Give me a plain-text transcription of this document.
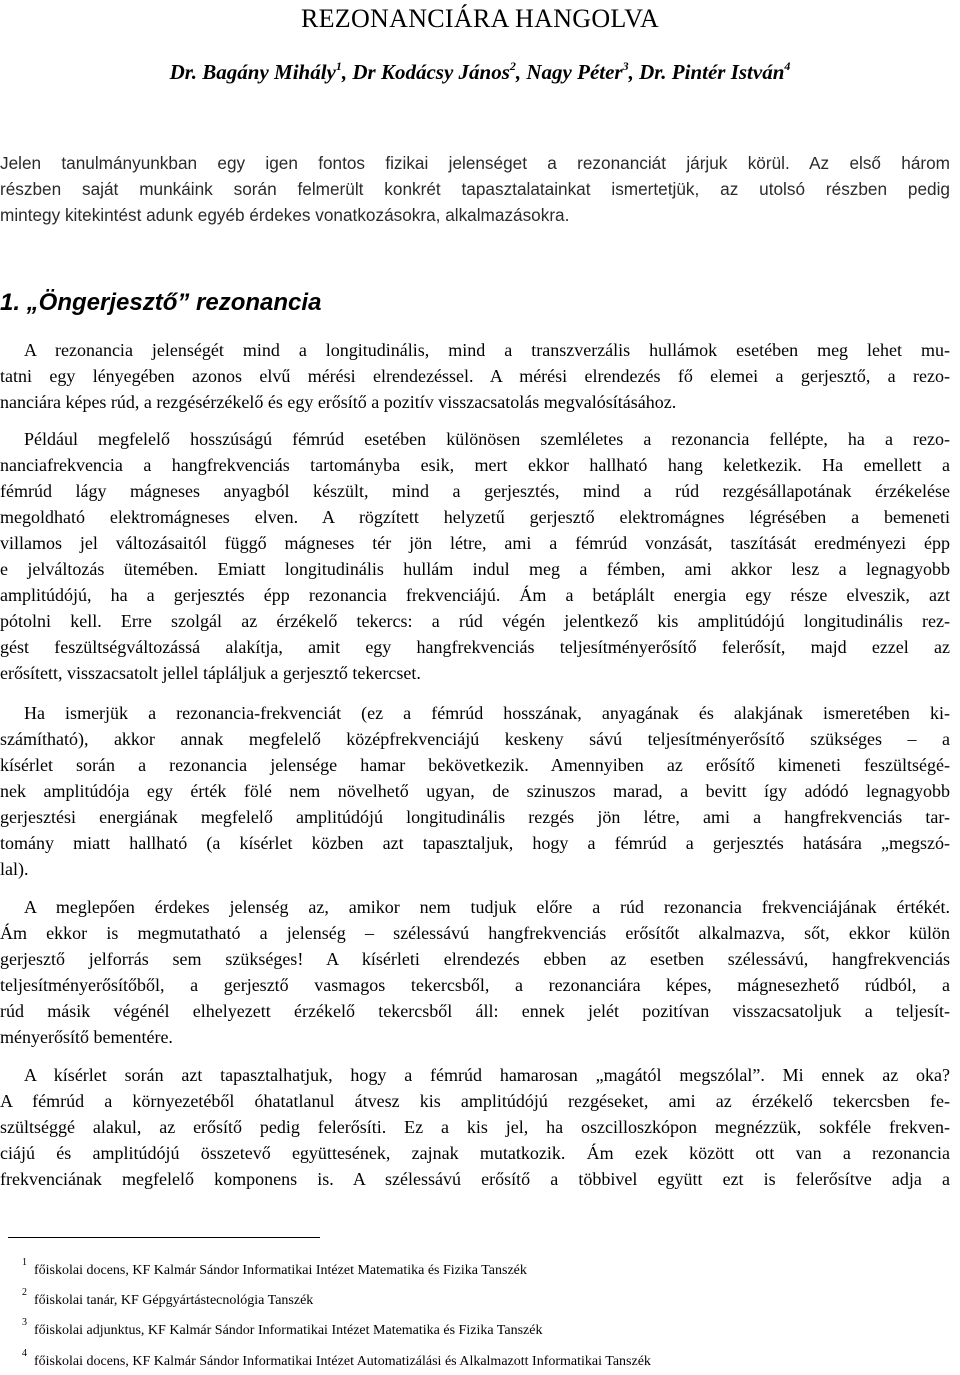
REZONANCIÁRA HANGOLVA
Dr. Bagány Mihály$^1$, Dr Kodácsy János$^2$, Nagy Péter$^3$, Dr. Pintér István$^4$
Jelen tanulmányunkban egy igen fontos fizikai jelenséget a rezonanciát járjuk körül. Az első három
részben saját munkáink során felmerült konkrét tapasztalatainkat ismertetjük, az utolsó részben pedig
mintegy kitekintést adunk egyéb érdekes vonatkozásokra, alkalmazásokra.
1. „Öngerjesztő” rezonancia
A rezonancia jelenségét mind a longitudinális, mind a transzverzális hullámok esetében meg lehet mu-
tatni egy lényegében azonos elvű mérési elrendezéssel. A mérési elrendezés fő elemei a gerjesztő, a rezo-
nanciára képes rúd, a rezgésérzékelő és egy erősítő a pozitív visszacsatolás megvalósításához.
Például megfelelő hosszúságú fémrúd esetében különösen szemléletes a rezonancia fellépte, ha a rezo-
nanciafrekvencia a hangfrekvenciás tartományba esik, mert ekkor hallható hang keletkezik. Ha emellett a
fémrúd lágy mágneses anyagból készült, mind a gerjesztés, mind a rúd rezgésállapotának érzékelése
megoldható elektromágneses elven. A rögzített helyzetű gerjesztő elektromágnes légrésében a bemeneti
villamos jel változásaitól függő mágneses tér jön létre, ami a fémrúd vonzását, taszítását eredményezi épp
e jelváltozás ütemében. Emiatt longitudinális hullám indul meg a fémben, ami akkor lesz a legnagyobb
amplitúdójú, ha a gerjesztés épp rezonancia frekvenciájú. Ám a betáplált energia egy része elveszik, azt
pótolni kell. Erre szolgál az érzékelő tekercs: a rúd végén jelentkező kis amplitúdójú longitudinális rez-
gést feszültségváltozássá alakítja, amit egy hangfrekvenciás teljesítményerősítő felerősít, majd ezzel az
erősített, visszacsatolt jellel tápláljuk a gerjesztő tekercset.
Ha ismerjük a rezonancia-frekvenciát (ez a fémrúd hosszának, anyagának és alakjának ismeretében ki-
számítható), akkor annak megfelelő középfrekvenciájú keskeny sávú teljesítményerősítő szükséges – a
kísérlet során a rezonancia jelensége hamar bekövetkezik. Amennyiben az erősítő kimeneti feszültségé-
nek amplitúdója egy érték fölé nem növelhető ugyan, de szinuszos marad, a bevitt így adódó legnagyobb
gerjesztési energiának megfelelő amplitúdójú longitudinális rezgés jön létre, ami a hangfrekvenciás tar-
tomány miatt hallható (a kísérlet közben azt tapasztaljuk, hogy a fémrúd a gerjesztés hatására „megszó-
lal).
A meglepően érdekes jelenség az, amikor nem tudjuk előre a rúd rezonancia frekvenciájának értékét.
Ám ekkor is megmutatható a jelenség – szélessávú hangfrekvenciás erősítőt alkalmazva, sőt, ekkor külön
gerjesztő jelforrás sem szükséges! A kísérleti elrendezés ebben az esetben szélessávú, hangfrekvenciás
teljesítményerősítőből, a gerjesztő vasmagos tekercsből, a rezonanciára képes, mágnesezhető rúdból, a
rúd másik végénél elhelyezett érzékelő tekercsből áll: ennek jelét pozitívan visszacsatoljuk a teljesít-
ményerősítő bementére.
A kísérlet során azt tapasztalhatjuk, hogy a fémrúd hamarosan „magától megszólal”. Mi ennek az oka?
A fémrúd a környezetéből óhatatlanul átvesz kis amplitúdójú rezgéseket, ami az érzékelő tekercsben fe-
szültséggé alakul, az erősítő pedig felerősíti. Ez a kis jel, ha oszcilloszkópon megnézzük, sokféle frekven-
ciájú és amplitúdójú összetevő együttesének, zajnak mutatkozik. Ám ezek között ott van a rezonancia
frekvenciának megfelelő komponens is. A szélessávú erősítő a többivel együtt ezt is felerősítve adja a
1
főiskolai docens, KF Kalmár Sándor Informatikai Intézet Matematika és Fizika Tanszék
2
főiskolai tanár, KF Gépgyártástecnológia Tanszék
3
főiskolai adjunktus, KF Kalmár Sándor Informatikai Intézet Matematika és Fizika Tanszék
4
főiskolai docens, KF Kalmár Sándor Informatikai Intézet Automatizálási és Alkalmazott Informatikai Tanszék
